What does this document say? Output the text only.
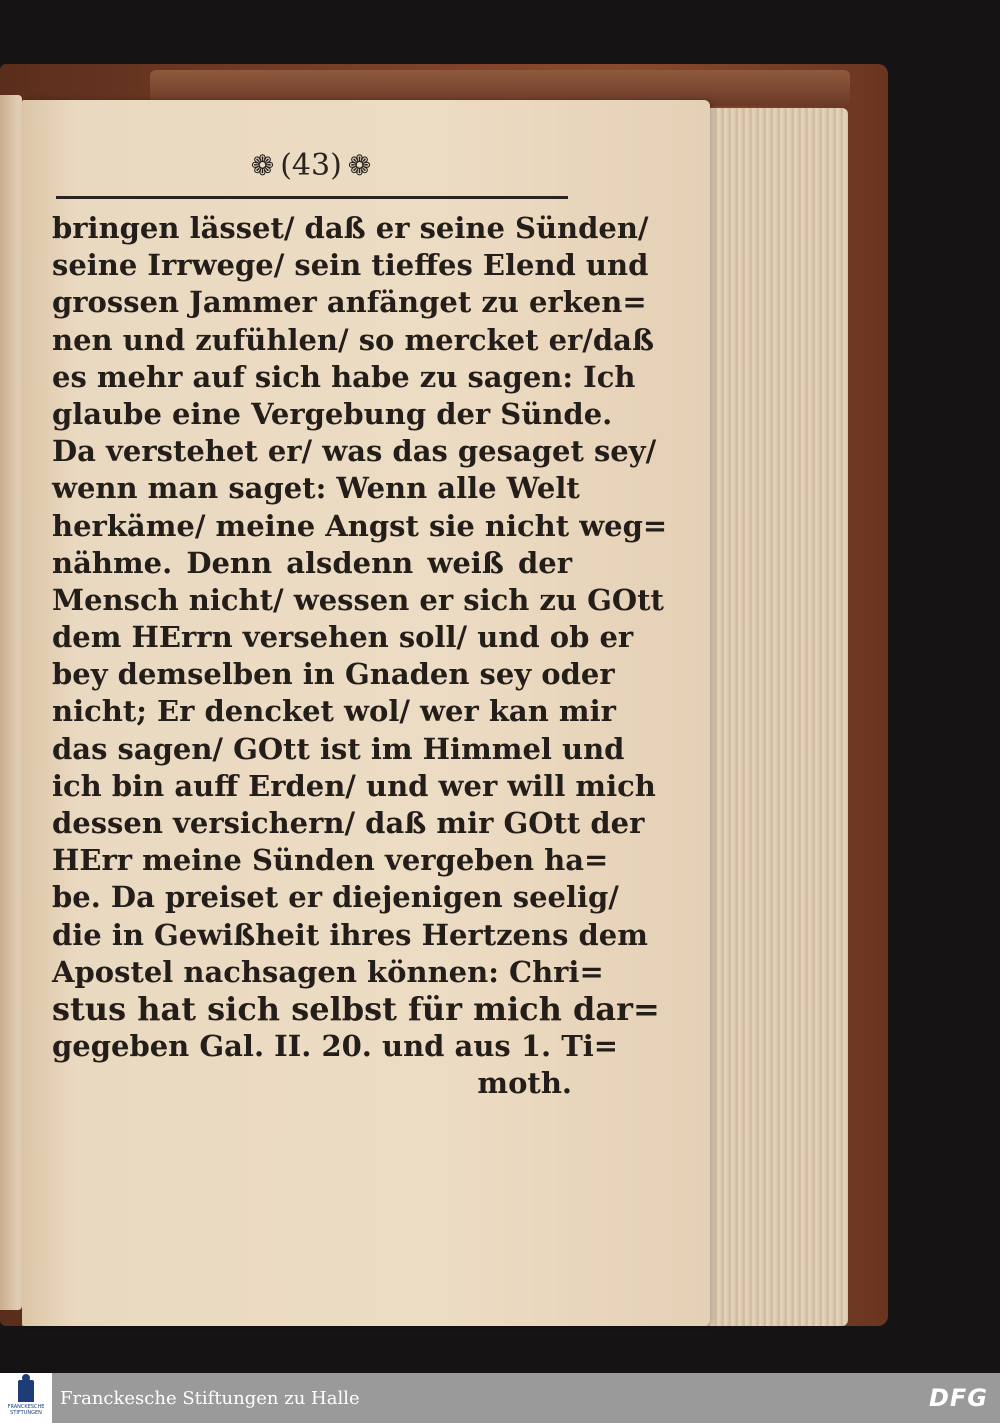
❁ (43) ❁
bringen lässet/ daß er seine Sünden/
seine Irrwege/ sein tieffes Elend und
grossen Jammer anfänget zu erken=
nen und zufühlen/ so mercket er/daß
es mehr auf sich habe zu sagen: Ich
glaube eine Vergebung der Sünde.
Da verstehet er/ was das gesaget sey/
wenn man saget: Wenn alle Welt
herkäme/ meine Angst sie nicht weg=
nähme. Denn alsdenn weiß der
Mensch nicht/ wessen er sich zu GOtt
dem HErrn versehen soll/ und ob er
bey demselben in Gnaden sey oder
nicht; Er dencket wol/ wer kan mir
das sagen/ GOtt ist im Himmel und
ich bin auff Erden/ und wer will mich
dessen versichern/ daß mir GOtt der
HErr meine Sünden vergeben ha=
be. Da preiset er diejenigen seelig/
die in Gewißheit ihres Hertzens dem
Apostel nachsagen können: Chri=
stus hat sich selbst für mich dar=
gegeben Gal. II. 20. und aus 1. Ti=
moth.
FRANCKESCHE STIFTUNGEN
Franckesche Stiftungen zu Halle	DFG
